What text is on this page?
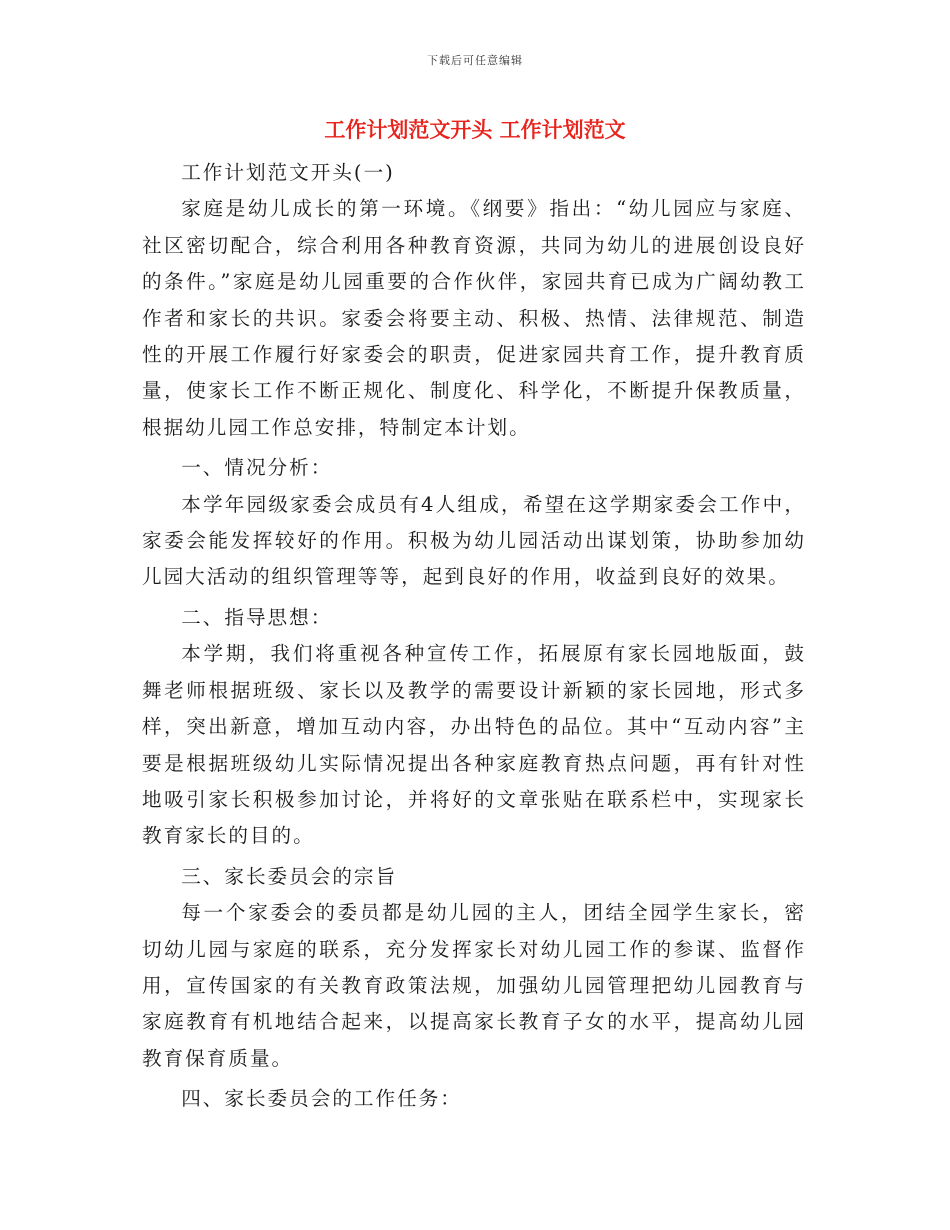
下载后可任意编辑
工作计划范文开头 工作计划范文

工作计划范文开头(一)

家庭是幼儿成长的第一环境。《纲要》指出：“幼儿园应与家庭、社区密切配合，综合利用各种教育资源，共同为幼儿的进展创设良好的条件。”家庭是幼儿园重要的合作伙伴，家园共育已成为广阔幼教工作者和家长的共识。家委会将要主动、积极、热情、法律规范、制造性的开展工作履行好家委会的职责，促进家园共育工作，提升教育质量，使家长工作不断正规化、制度化、科学化，不断提升保教质量，根据幼儿园工作总安排，特制定本计划。

一、情况分析：

本学年园级家委会成员有4人组成，希望在这学期家委会工作中，家委会能发挥较好的作用。积极为幼儿园活动出谋划策，协助参加幼儿园大活动的组织管理等等，起到良好的作用，收益到良好的效果。

二、指导思想：

本学期，我们将重视各种宣传工作，拓展原有家长园地版面，鼓舞老师根据班级、家长以及教学的需要设计新颖的家长园地，形式多样，突出新意，增加互动内容，办出特色的品位。其中“互动内容”主要是根据班级幼儿实际情况提出各种家庭教育热点问题，再有针对性地吸引家长积极参加讨论，并将好的文章张贴在联系栏中，实现家长教育家长的目的。

三、家长委员会的宗旨

每一个家委会的委员都是幼儿园的主人，团结全园学生家长，密切幼儿园与家庭的联系，充分发挥家长对幼儿园工作的参谋、监督作用，宣传国家的有关教育政策法规，加强幼儿园管理把幼儿园教育与家庭教育有机地结合起来，以提高家长教育子女的水平，提高幼儿园教育保育质量。

四、家长委员会的工作任务：
